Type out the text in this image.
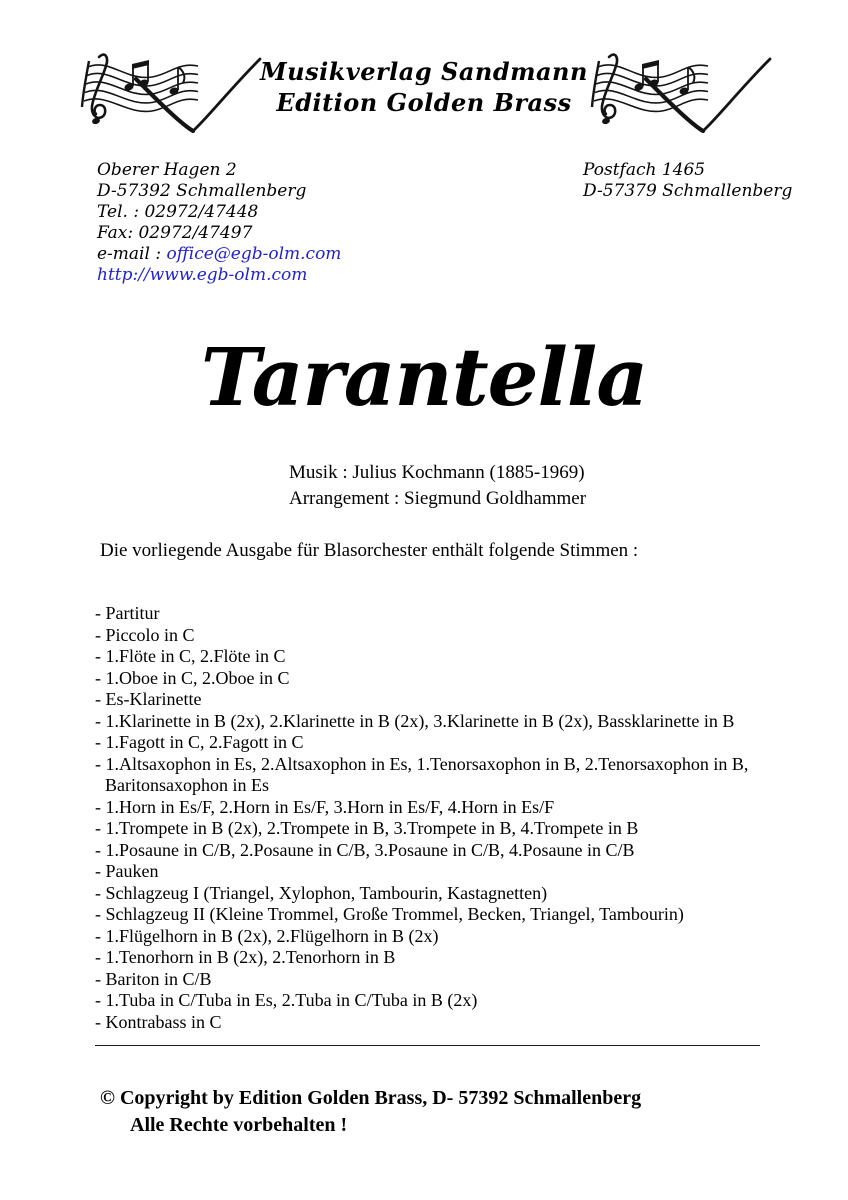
Musikverlag Sandmann
Edition Golden Brass
Oberer Hagen 2
D-57392 Schmallenberg
Tel. : 02972/47448
Fax: 02972/47497
e-mail : office@egb-olm.com
http://www.egb-olm.com
Postfach 1465
D-57379 Schmallenberg
Tarantella
Musik : Julius Kochmann (1885-1969)
Arrangement : Siegmund Goldhammer
Die vorliegende Ausgabe für Blasorchester enthält folgende Stimmen :
- Partitur
- Piccolo in C
- 1.Flöte in C, 2.Flöte in C
- 1.Oboe in C, 2.Oboe in C
- Es-Klarinette
- 1.Klarinette in B (2x), 2.Klarinette in B (2x), 3.Klarinette in B (2x), Bassklarinette in B
- 1.Fagott in C, 2.Fagott in C
- 1.Altsaxophon in Es, 2.Altsaxophon in Es, 1.Tenorsaxophon in B, 2.Tenorsaxophon in B,
Baritonsaxophon in Es
- 1.Horn in Es/F, 2.Horn in Es/F, 3.Horn in Es/F, 4.Horn in Es/F
- 1.Trompete in B (2x), 2.Trompete in B, 3.Trompete in B, 4.Trompete in B
- 1.Posaune in C/B, 2.Posaune in C/B, 3.Posaune in C/B, 4.Posaune in C/B
- Pauken
- Schlagzeug I (Triangel, Xylophon, Tambourin, Kastagnetten)
- Schlagzeug II (Kleine Trommel, Große Trommel, Becken, Triangel, Tambourin)
- 1.Flügelhorn in B (2x), 2.Flügelhorn in B (2x)
- 1.Tenorhorn in B (2x), 2.Tenorhorn in B
- Bariton in C/B
- 1.Tuba in C/Tuba in Es, 2.Tuba in C/Tuba in B (2x)
- Kontrabass in C
© Copyright by Edition Golden Brass, D- 57392 Schmallenberg
Alle Rechte vorbehalten !
